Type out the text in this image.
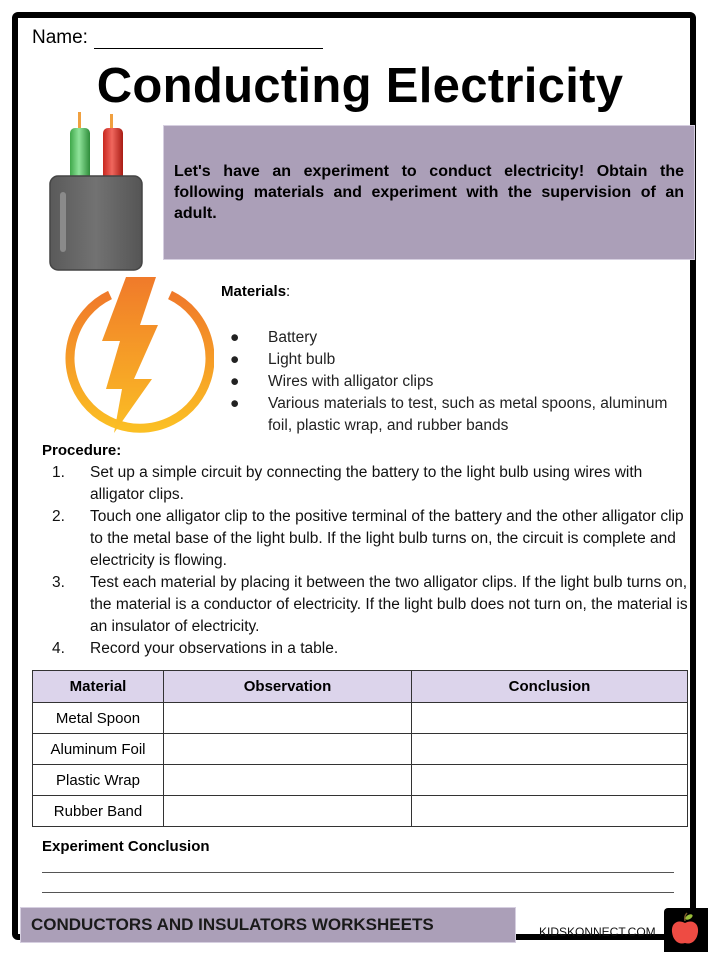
Name:
Conducting Electricity
Let's have an experiment to conduct electricity! Obtain the following materials and experiment with the supervision of an adult.
Materials:
● Battery
● Light bulb
● Wires with alligator clips
● Various materials to test, such as metal spoons, aluminum foil, plastic wrap, and rubber bands
Procedure:
1. Set up a simple circuit by connecting the battery to the light bulb using wires with alligator clips.
2. Touch one alligator clip to the positive terminal of the battery and the other alligator clip to the metal base of the light bulb. If the light bulb turns on, the circuit is complete and electricity is flowing.
3. Test each material by placing it between the two alligator clips. If the light bulb turns on, the material is a conductor of electricity. If the light bulb does not turn on, the material is an insulator of electricity.
4. Record your observations in a table.
Material	Observation	Conclusion
Metal Spoon		
Aluminum Foil		
Plastic Wrap		
Rubber Band		
Experiment Conclusion
CONDUCTORS AND INSULATORS WORKSHEETS	KIDSKONNECT.COM
